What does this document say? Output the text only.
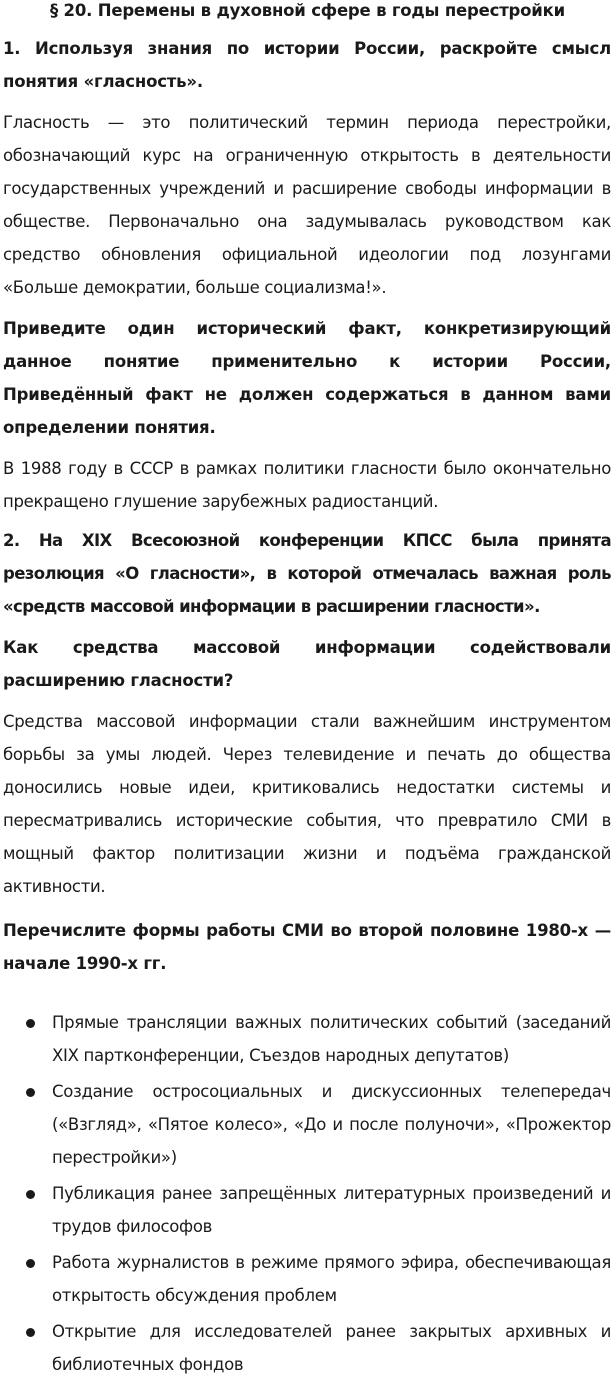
§ 20. Перемены в духовной сфере в годы перестройки
1. Используя знания по истории России, раскройте смысл понятия «гласность».
Гласность — это политический термин периода перестройки, обозначающий курс на ограниченную открытость в деятельности государственных учреждений и расширение свободы информации в обществе. Первоначально она задумывалась руководством как средство обновления официальной идеологии под лозунгами «Больше демократии, больше социализма!».
Приведите один исторический факт, конкретизирующий данное понятие применительно к истории России, Приведённый факт не должен содержаться в данном вами определении понятия.
В 1988 году в СССР в рамках политики гласности было окончательно прекращено глушение зарубежных радиостанций.
2. На XIX Всесоюзной конференции КПСС была принята резолюция «О гласности», в которой отмечалась важная роль «средств массовой информации в расширении гласности».
Как средства массовой информации содействовали расширению гласности?
Средства массовой информации стали важнейшим инструментом борьбы за умы людей. Через телевидение и печать до общества доносились новые идеи, критиковались недостатки системы и пересматривались исторические события, что превратило СМИ в мощный фактор политизации жизни и подъёма гражданской активности.
Перечислите формы работы СМИ во второй половине 1980-х — начале 1990-х гг.
Прямые трансляции важных политических событий (заседаний XIX партконференции, Съездов народных депутатов)
Создание остросоциальных и дискуссионных телепередач («Взгляд», «Пятое колесо», «До и после полуночи», «Прожектор перестройки»)
Публикация ранее запрещённых литературных произведений и трудов философов
Работа журналистов в режиме прямого эфира, обеспечивающая открытость обсуждения проблем
Открытие для исследователей ранее закрытых архивных и библиотечных фондов
